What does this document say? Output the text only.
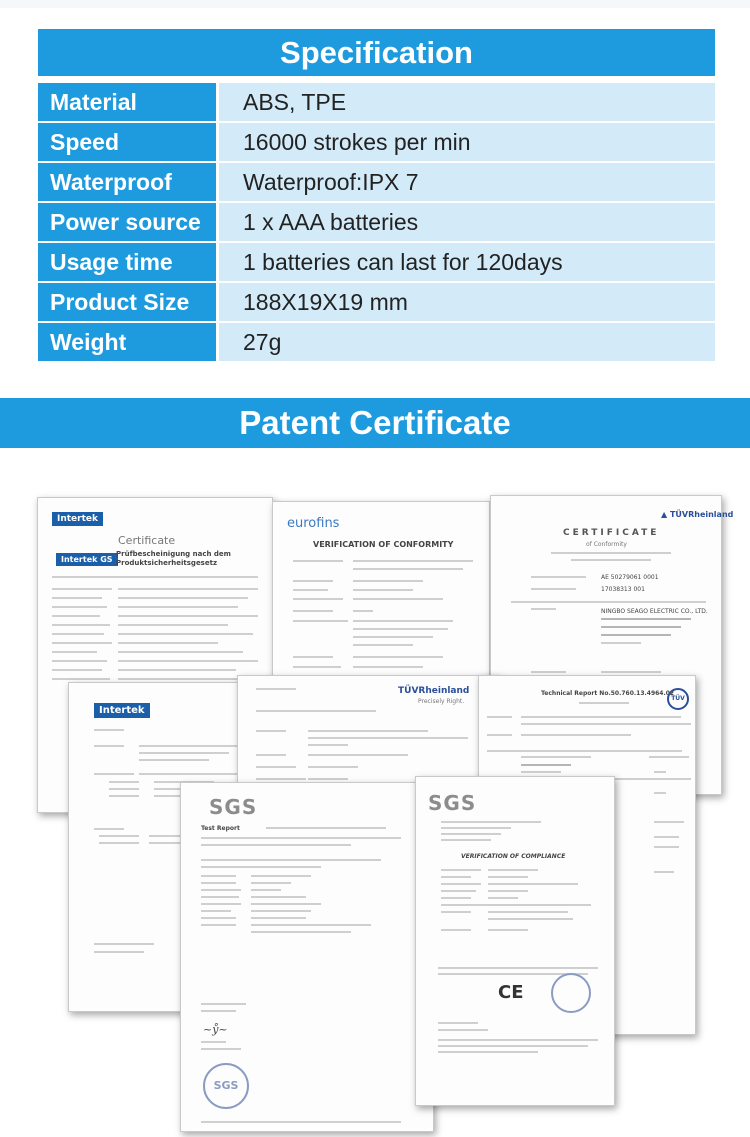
Specification
Material	ABS, TPE
Speed	16000 strokes per min
Waterproof	Waterproof:IPX 7
Power source	1 x AAA batteries
Usage time	1 batteries can last for 120days
Product Size	188X19X19 mm
Weight	27g
Patent Certificate
Intertek
Certificate
Intertek GS
Prüfbescheinigung nach dem Produktsicherheitsgesetz
eurofins
VERIFICATION OF CONFORMITY
▲ TÜVRheinland
CERTIFICATE
of Conformity
AE 50279061 0001
17038313 001
NINGBO SEAGO ELECTRIC CO., LTD.
Intertek
TÜVRheinland
Precisely Right.
Technical Report No.50.760.13.4964.02
TÜV
SGS
Test Report
~ẙ~
SGS
SGS
VERIFICATION OF COMPLIANCE
CE
